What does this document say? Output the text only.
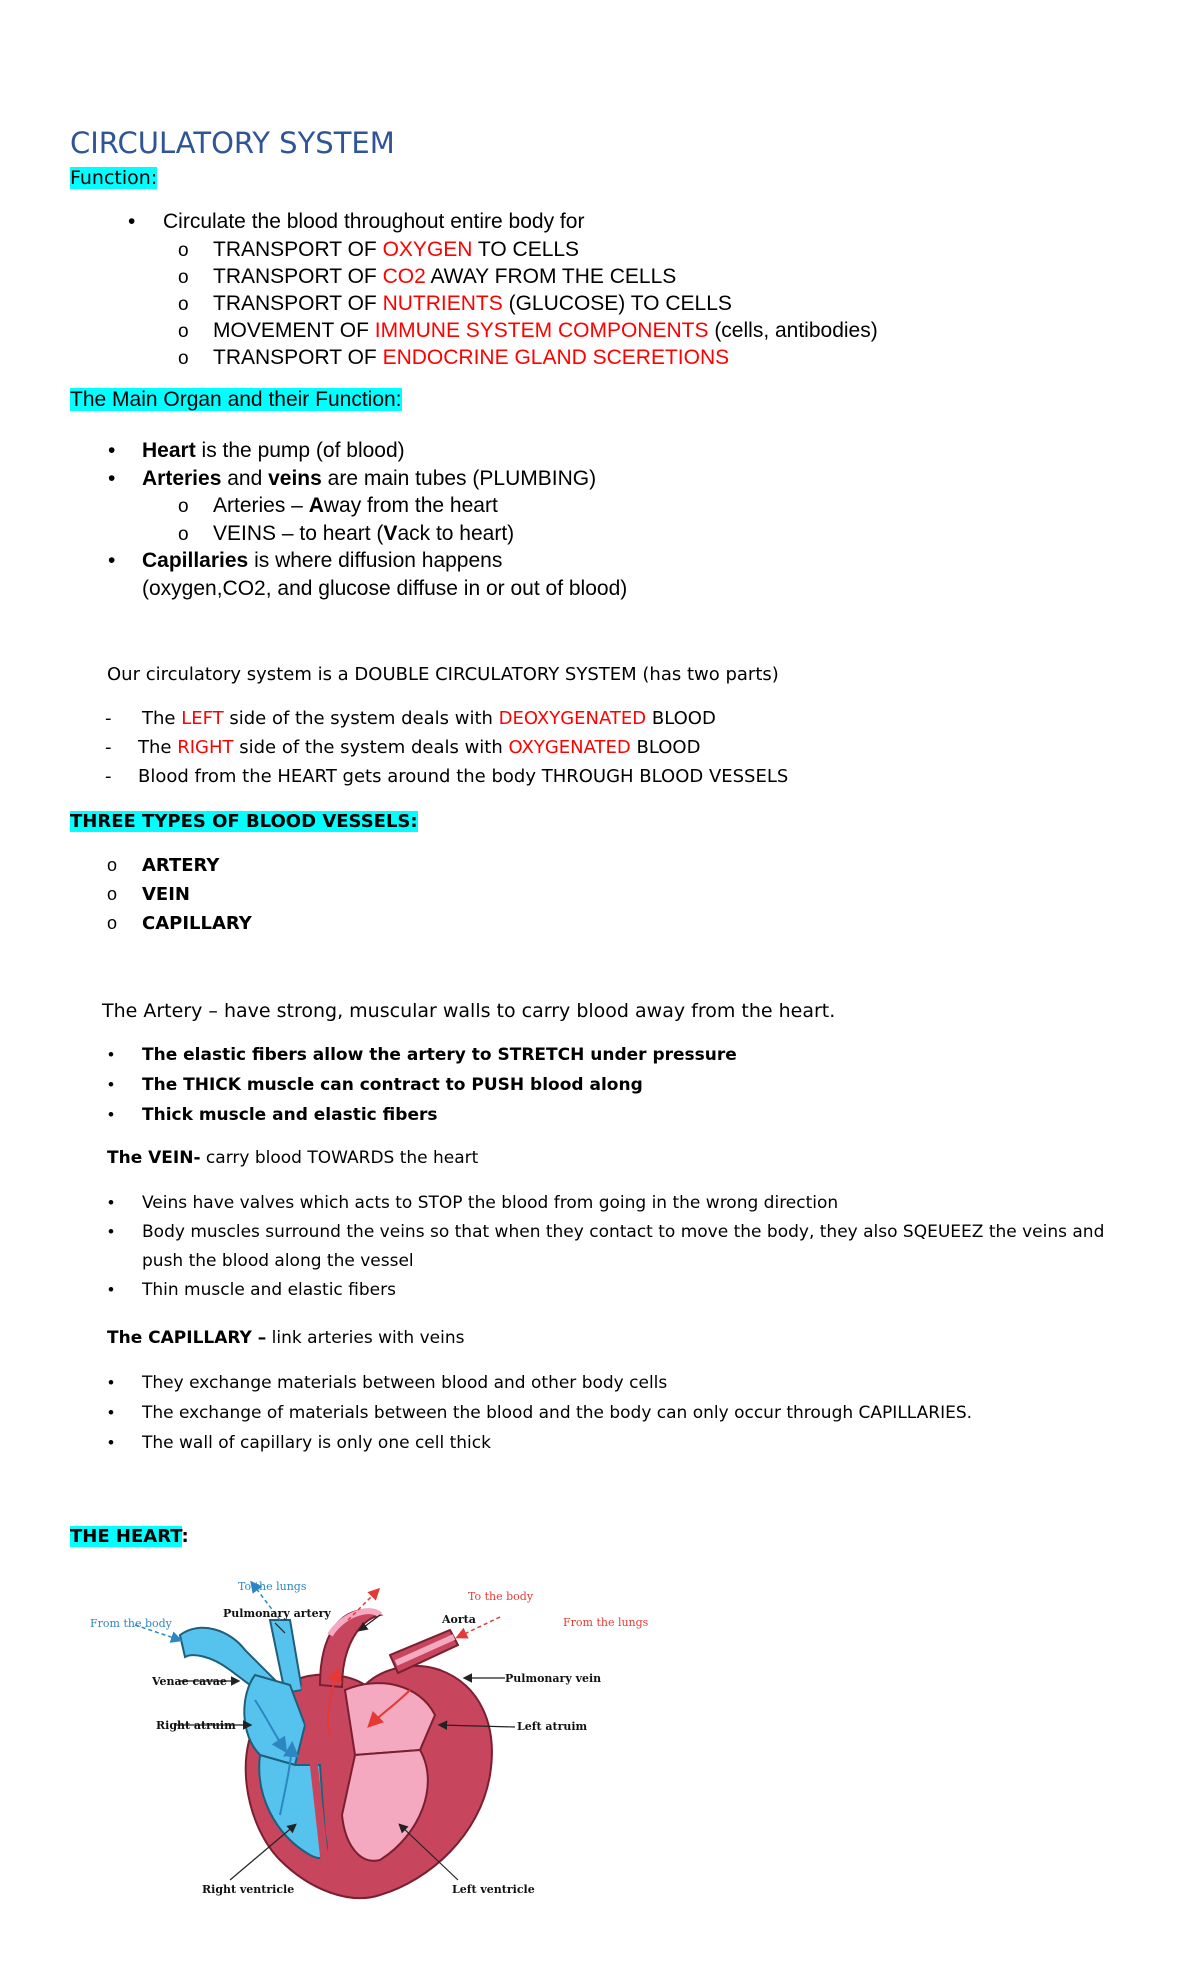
CIRCULATORY SYSTEM
Function:
• Circulate the blood throughout entire body for
The Main Organ and their Function:
• Heart is the pump (of blood)
• Arteries and veins are main tubes (PLUMBING)
o Arteries – Away from the heart
o VEINS – to heart (Vack to heart)
• Capillaries is where diffusion happens
(oxygen,CO2, and glucose diffuse in or out of blood)
Our circulatory system is a DOUBLE CIRCULATORY SYSTEM (has two parts)
THREE TYPES OF BLOOD VESSELS:
The Artery – have strong, muscular walls to carry blood away from the heart.
The VEIN- carry blood TOWARDS the heart
The CAPILLARY – link arteries with veins
THE HEART:
To the lungs
Pulmonary artery
From the body
Venae cavae
Right atruim
Right ventricle
To the body
Aorta	From the lungs
Pulmonary vein
Left atruim
Left ventricle
o TRANSPORT OF OXYGEN TO CELLS
o TRANSPORT OF CO2 AWAY FROM THE CELLS
o TRANSPORT OF NUTRIENTS (GLUCOSE) TO CELLS
o MOVEMENT OF IMMUNE SYSTEM COMPONENTS (cells, antibodies)
o TRANSPORT OF ENDOCRINE GLAND SCERETIONS
- The LEFT side of the system deals with DEOXYGENATED BLOOD
- The RIGHT side of the system deals with OXYGENATED BLOOD
- Blood from the HEART gets around the body THROUGH BLOOD VESSELS
o ARTERY
o VEIN
o CAPILLARY
• The elastic fibers allow the artery to STRETCH under pressure
• The THICK muscle can contract to PUSH blood along
• Thick muscle and elastic fibers
• Veins have valves which acts to STOP the blood from going in the wrong direction
• Body muscles surround the veins so that when they contact to move the body, they also SQEUEEZ the veins and
push the blood along the vessel
• Thin muscle and elastic fibers
• They exchange materials between blood and other body cells
• The exchange of materials between the blood and the body can only occur through CAPILLARIES.
• The wall of capillary is only one cell thick
